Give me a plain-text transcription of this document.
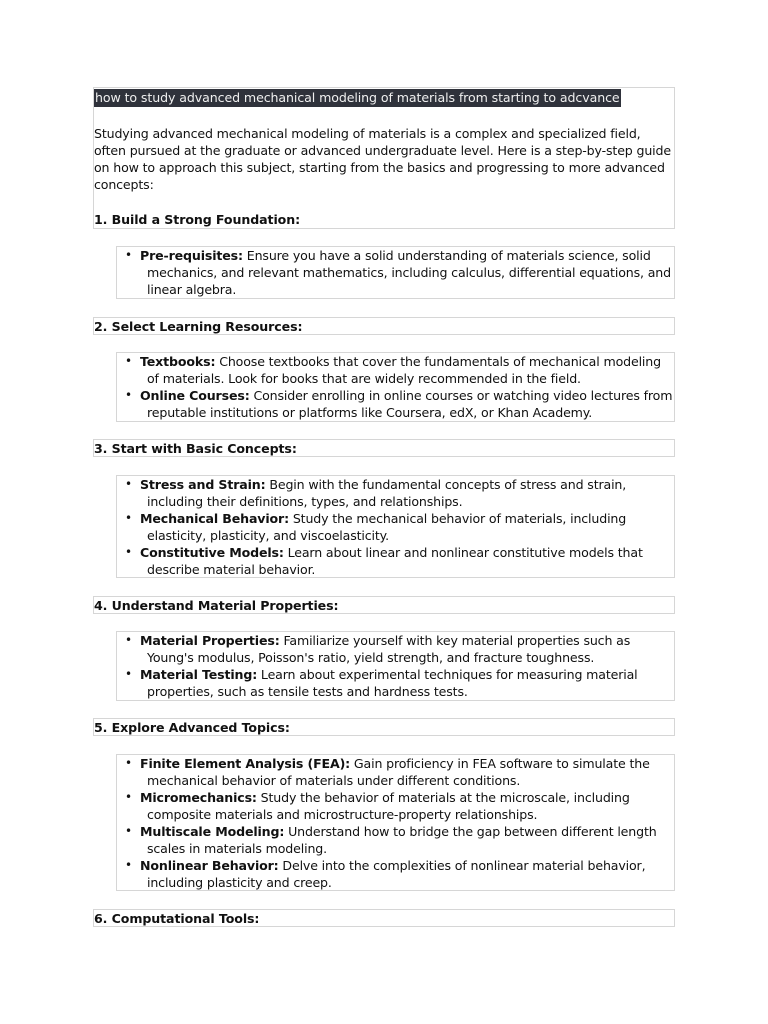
how to study advanced mechanical modeling of materials from starting to adcvance
Studying advanced mechanical modeling of materials is a complex and specialized field, often pursued at the graduate or advanced undergraduate level. Here is a step-by-step guide on how to approach this subject, starting from the basics and progressing to more advanced concepts:
1. Build a Strong Foundation:
• Pre-requisites: Ensure you have a solid understanding of materials science, solid mechanics, and relevant mathematics, including calculus, differential equations, and linear algebra.
2. Select Learning Resources:
• Textbooks: Choose textbooks that cover the fundamentals of mechanical modeling of materials. Look for books that are widely recommended in the field.
• Online Courses: Consider enrolling in online courses or watching video lectures from reputable institutions or platforms like Coursera, edX, or Khan Academy.
3. Start with Basic Concepts:
• Stress and Strain: Begin with the fundamental concepts of stress and strain, including their definitions, types, and relationships.
• Mechanical Behavior: Study the mechanical behavior of materials, including elasticity, plasticity, and viscoelasticity.
• Constitutive Models: Learn about linear and nonlinear constitutive models that describe material behavior.
4. Understand Material Properties:
• Material Properties: Familiarize yourself with key material properties such as Young's modulus, Poisson's ratio, yield strength, and fracture toughness.
• Material Testing: Learn about experimental techniques for measuring material properties, such as tensile tests and hardness tests.
5. Explore Advanced Topics:
• Finite Element Analysis (FEA): Gain proficiency in FEA software to simulate the mechanical behavior of materials under different conditions.
• Micromechanics: Study the behavior of materials at the microscale, including composite materials and microstructure-property relationships.
• Multiscale Modeling: Understand how to bridge the gap between different length scales in materials modeling.
• Nonlinear Behavior: Delve into the complexities of nonlinear material behavior, including plasticity and creep.
6. Computational Tools:
